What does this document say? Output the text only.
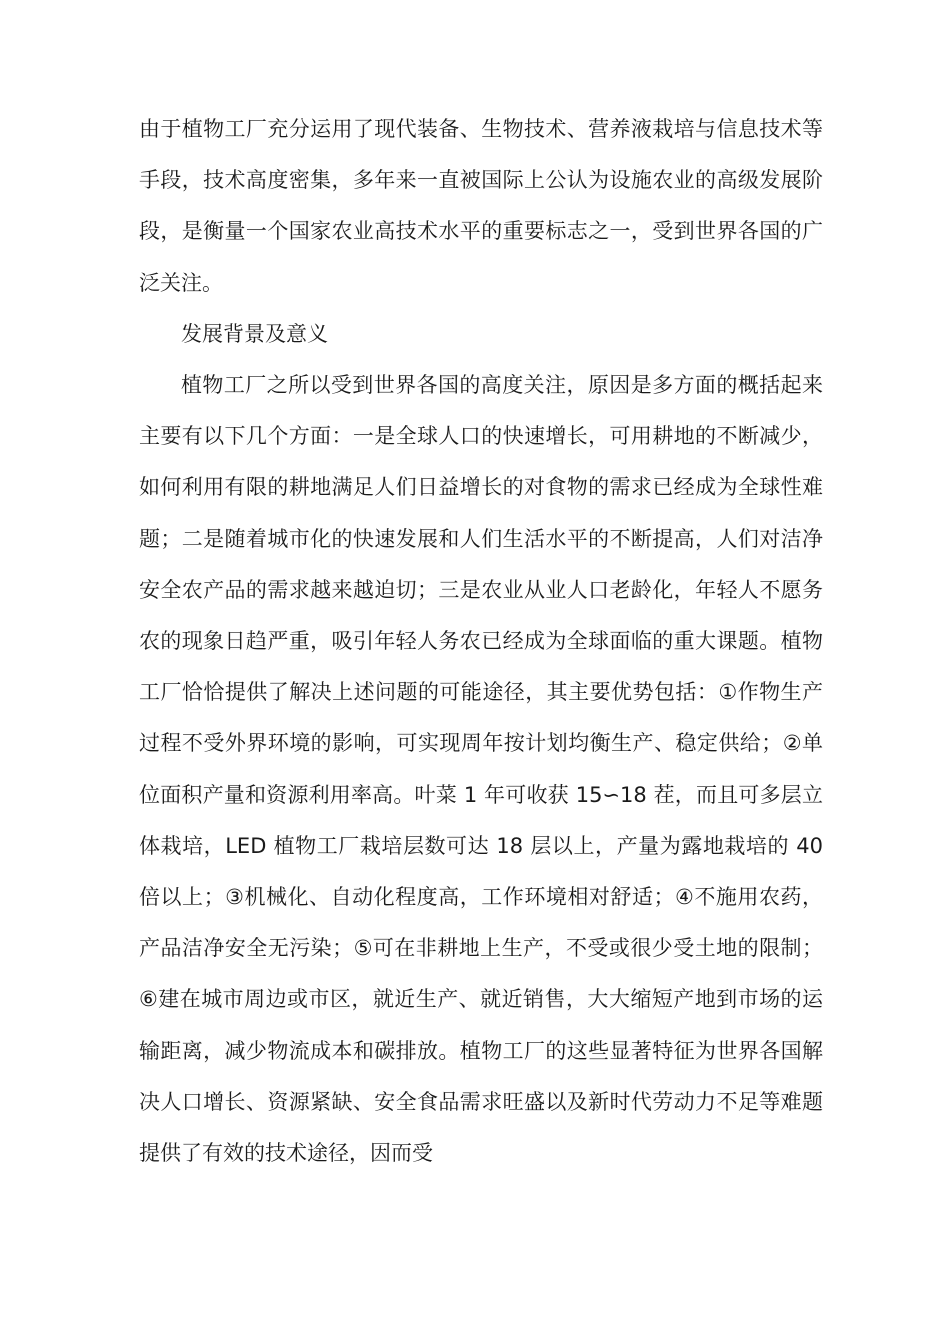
由于植物工厂充分运用了现代装备、生物技术、营养液栽培与信息技术等手段，技术高度密集，多年来一直被国际上公认为设施农业的高级发展阶段，是衡量一个国家农业高技术水平的重要标志之一，受到世界各国的广泛关注。

发展背景及意义

植物工厂之所以受到世界各国的高度关注，原因是多方面的概括起来主要有以下几个方面：一是全球人口的快速增长，可用耕地的不断减少，如何利用有限的耕地满足人们日益增长的对食物的需求已经成为全球性难题；二是随着城市化的快速发展和人们生活水平的不断提高，人们对洁净安全农产品的需求越来越迫切；三是农业从业人口老龄化，年轻人不愿务农的现象日趋严重，吸引年轻人务农已经成为全球面临的重大课题。植物工厂恰恰提供了解决上述问题的可能途径，其主要优势包括：①作物生产过程不受外界环境的影响，可实现周年按计划均衡生产、稳定供给；②单位面积产量和资源利用率高。叶菜 1 年可收获 15∽18 茬，而且可多层立体栽培，LED 植物工厂栽培层数可达 18 层以上，产量为露地栽培的 40 倍以上；③机械化、自动化程度高，工作环境相对舒适；④不施用农药，产品洁净安全无污染；⑤可在非耕地上生产，不受或很少受土地的限制；⑥建在城市周边或市区，就近生产、就近销售，大大缩短产地到市场的运输距离，减少物流成本和碳排放。植物工厂的这些显著特征为世界各国解决人口增长、资源紧缺、安全食品需求旺盛以及新时代劳动力不足等难题提供了有效的技术途径，因而受
